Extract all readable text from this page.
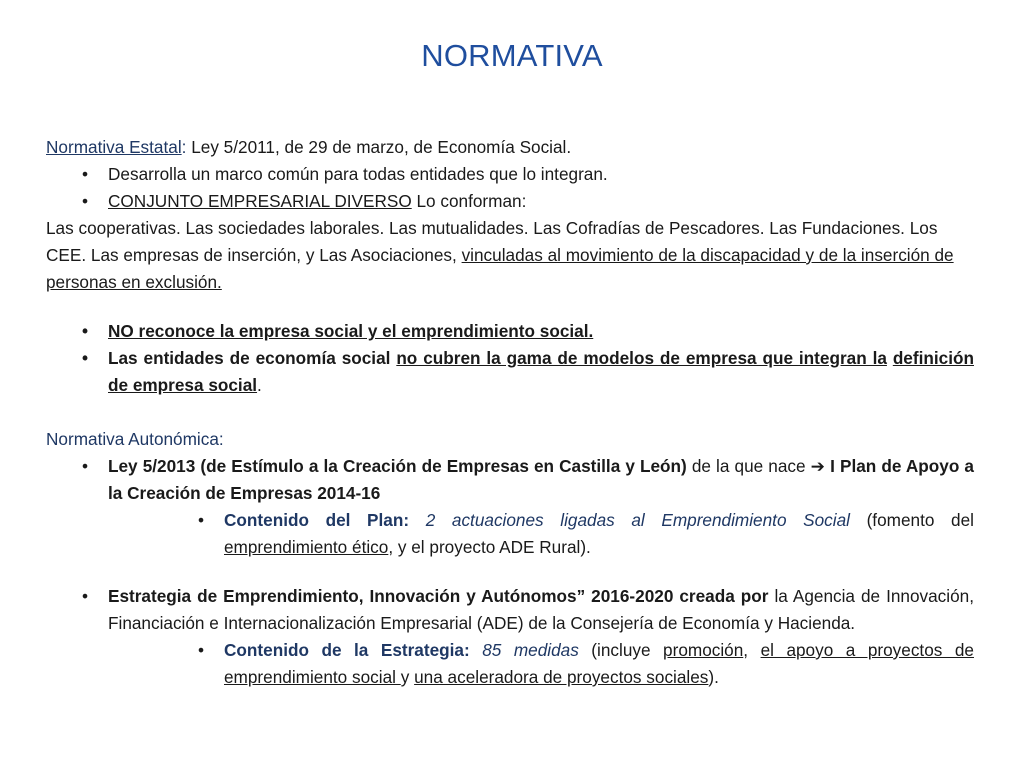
NORMATIVA

Normativa Estatal: Ley 5/2011, de 29 de marzo, de Economía Social.

• Desarrolla un marco común para todas entidades que lo integran.

• CONJUNTO EMPRESARIAL DIVERSO Lo conforman:

Las cooperativas. Las sociedades laborales. Las mutualidades. Las Cofradías de Pescadores. Las Fundaciones. Los CEE. Las empresas de inserción, y Las Asociaciones, vinculadas al movimiento de la discapacidad y de la inserción de personas en exclusión.

• NO reconoce la empresa social y el emprendimiento social.

• Las entidades de economía social no cubren la gama de modelos de empresa que integran la definición de empresa social.

Normativa Autonómica:

• Ley 5/2013 (de Estímulo a la Creación de Empresas en Castilla y León) de la que nace ➔ I Plan de Apoyo a la Creación de Empresas 2014-16

• Contenido del Plan: 2 actuaciones ligadas al Emprendimiento Social (fomento del emprendimiento ético, y el proyecto ADE Rural).

• Estrategia de Emprendimiento, Innovación y Autónomos” 2016-2020 creada por la Agencia de Innovación, Financiación e Internacionalización Empresarial (ADE) de la Consejería de Economía y Hacienda.

• Contenido de la Estrategia: 85 medidas (incluye promoción, el apoyo a proyectos de emprendimiento social y una aceleradora de proyectos sociales).
